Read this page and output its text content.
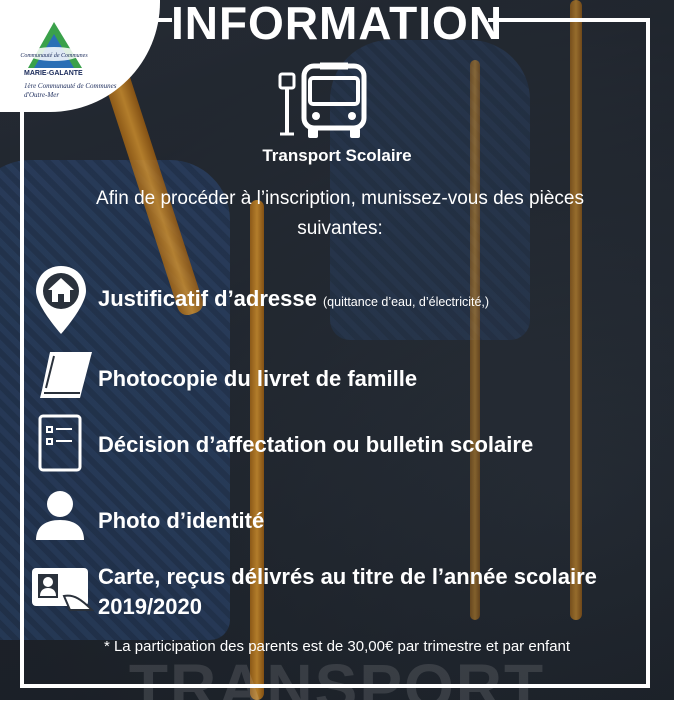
INFORMATION
Communauté de Communes
MARIE-GALANTE
1ère Communauté de Communes d'Outre-Mer
Transport Scolaire
Afin de procéder à l’inscription, munissez-vous des pièces suivantes:
Justificatif d’adresse (quittance d’eau, d’électricité,)
Photocopie du livret de famille
Décision d’affectation ou bulletin scolaire
Photo d’identité
Carte, reçus délivrés au titre de l’année scolaire 2019/2020
* La participation des parents est de 30,00€ par trimestre et par enfant
TRANSPORT
